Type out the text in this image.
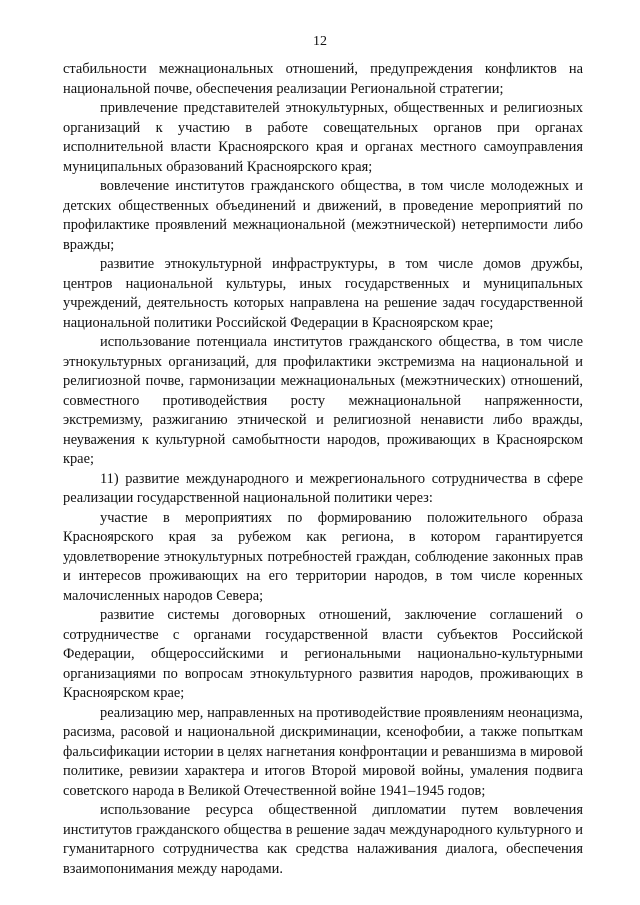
12

стабильности межнациональных отношений, предупреждения конфликтов на национальной почве, обеспечения реализации Региональной стратегии;

привлечение представителей этнокультурных, общественных и религиозных организаций к участию в работе совещательных органов при органах исполнительной власти Красноярского края и органах местного самоуправления муниципальных образований Красноярского края;

вовлечение институтов гражданского общества, в том числе молодежных и детских общественных объединений и движений, в проведение мероприятий по профилактике проявлений межнациональной (межэтнической) нетерпимости либо вражды;

развитие этнокультурной инфраструктуры, в том числе домов дружбы, центров национальной культуры, иных государственных и муниципальных учреждений, деятельность которых направлена на решение задач государственной национальной политики Российской Федерации в Красноярском крае;

использование потенциала институтов гражданского общества, в том числе этнокультурных организаций, для профилактики экстремизма на национальной и религиозной почве, гармонизации межнациональных (межэтнических) отношений, совместного противодействия росту межнациональной напряженности, экстремизму, разжиганию этнической и религиозной ненависти либо вражды, неуважения к культурной самобытности народов, проживающих в Красноярском крае;

11) развитие международного и межрегионального сотрудничества в сфере реализации государственной национальной политики через:

участие в мероприятиях по формированию положительного образа Красноярского края за рубежом как региона, в котором гарантируется удовлетворение этнокультурных потребностей граждан, соблюдение законных прав и интересов проживающих на его территории народов, в том числе коренных малочисленных народов Севера;

развитие системы договорных отношений, заключение соглашений о сотрудничестве с органами государственной власти субъектов Российской Федерации, общероссийскими и региональными национально-культурными организациями по вопросам этнокультурного развития народов, проживающих в Красноярском крае;

реализацию мер, направленных на противодействие проявлениям неонацизма, расизма, расовой и национальной дискриминации, ксенофобии, а также попыткам фальсификации истории в целях нагнетания конфронтации и реваншизма в мировой политике, ревизии характера и итогов Второй мировой войны, умаления подвига советского народа в Великой Отечественной войне 1941–1945 годов;

использование ресурса общественной дипломатии путем вовлечения институтов гражданского общества в решение задач международного культурного и гуманитарного сотрудничества как средства налаживания диалога, обеспечения взаимопонимания между народами.
